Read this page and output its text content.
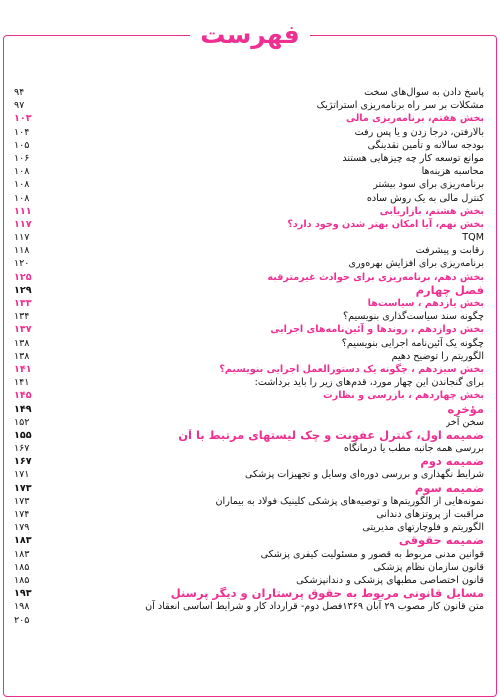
فهرست
۹۴	پاسخ دادن به سوال‌های سخت
۹۷	مشکلات بر سر راه برنامه‌ریزی استراتژیک
۱۰۳	بخش هفتم، برنامه‌ریزی مالی
۱۰۴	بالارفتن، درجا زدن و یا پس رفت
۱۰۵	بودجه سالانه و تأمین نقدینگی
۱۰۶	موانع توسعه کار چه چیزهایی هستند
۱۰۸	محاسبه هزینه‌ها
۱۰۸	برنامه‌ریزی برای سود بیشتر
۱۰۸	کنترل مالی به یک روش ساده
۱۱۱	بخش هشتم، بازاریابی
۱۱۷	بخش نهم، آیا امکان بهتر شدن وجود دارد؟
۱۱۷	TQM
۱۱۸	رقابت و پیشرفت
۱۲۰	برنامه‌ریزی برای افزایش بهره‌وری
۱۲۵	بخش دهم، برنامه‌ریزی برای حوادث غیرمترقبه
۱۲۹	فصل چهارم
۱۳۳	بخش یازدهم ، سیاست‌ها
۱۳۴	چگونه سند سیاست‌گذاری بنویسیم؟
۱۳۷	بخش دوازدهم ، روندها و آئین‌نامه‌های اجرایی
۱۳۸	چگونه یک آئین‌نامه اجرایی بنویسیم؟
۱۳۸	الگوریتم را توضیح دهیم
۱۴۱	بخش سیزدهم ، چگونه یک دستورالعمل اجرایی بنویسیم؟
۱۴۱	برای گنجاندن این چهار مورد، قدم‌های زیر را باید برداشت:
۱۴۵	بخش چهاردهم ، بازرسی و نظارت
۱۴۹	مؤخره
۱۵۲	سخن آخر
۱۵۵	ضمیمه اول، کنترل عفونت و چک لیستهای مرتبط با آن
۱۶۷	بررسی همه جانبه مطب یا درمانگاه
۱۶۷	ضمیمه دوم
۱۷۱	شرایط نگهداری و بررسی دوره‌ای وسایل و تجهیزات پزشکی
۱۷۳	ضمیمه سوم
۱۷۳	نمونه‌هایی از الگوریتم‌ها و توصیه‌های پزشکی کلینیک فولاد به بیماران
۱۷۴	مراقبت از پروتزهای دندانی
۱۷۹	الگوریتم و فلوچارتهای مدیریتی
۱۸۳	ضمیمه حقوقی
۱۸۳	قوانین مدنی مربوط به قصور و مسئولیت کیفری پزشکی
۱۸۵	قانون سازمان نظام پزشکی
۱۸۵	قانون اختصاصی مطبهای پزشکی و دندانپزشکی
۱۹۳	مسایل قانونی مربوط به حقوق پرستاران و دیگر پرسنل
۱۹۸	متن قانون کار مصوب ۲۹ آبان ۱۳۶۹فصل دوم- قرارداد کار و شرایط اساسی انعقاد آن
۲۰۵
